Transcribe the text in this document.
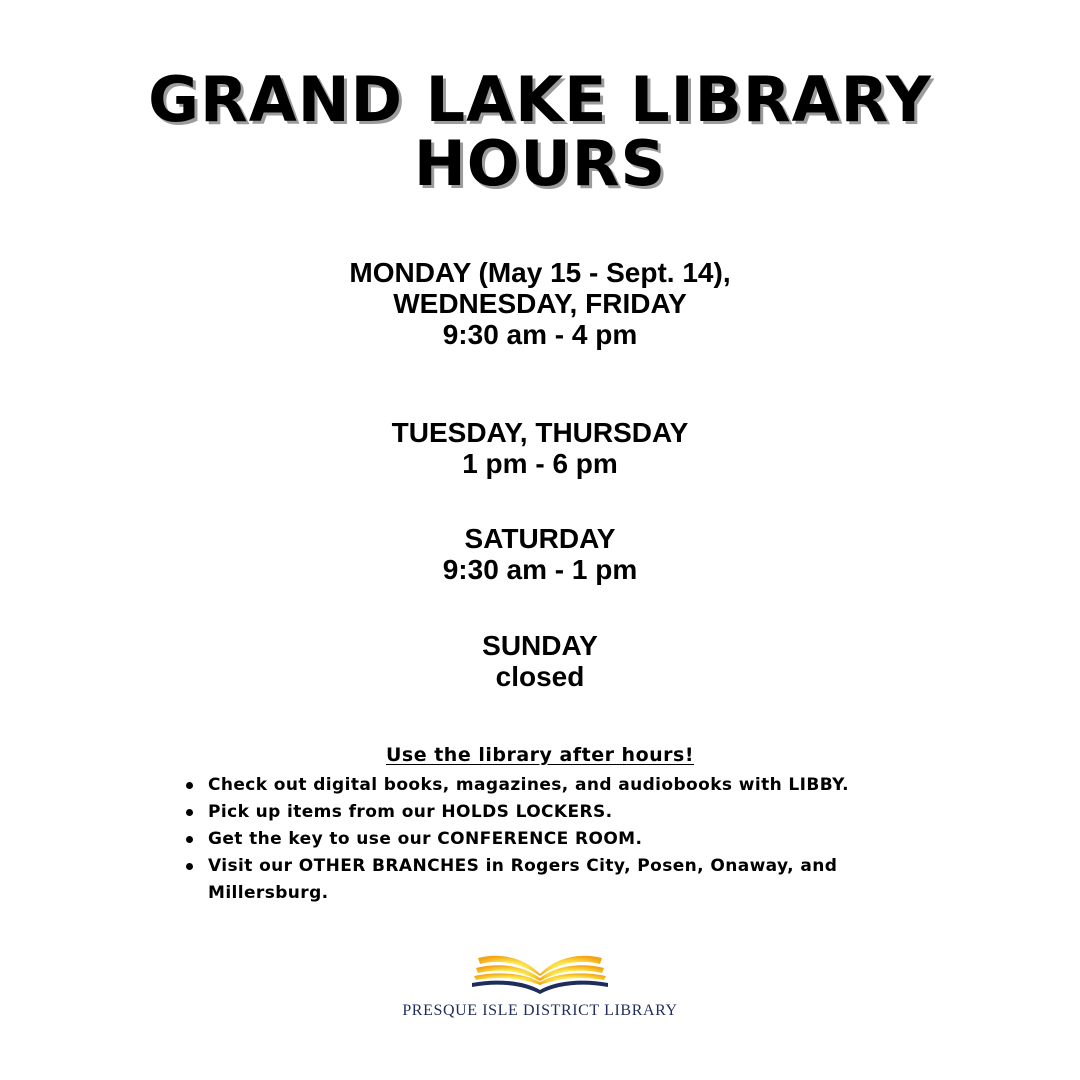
GRAND LAKE LIBRARY
HOURS
MONDAY (May 15 - Sept. 14),
WEDNESDAY, FRIDAY
9:30 am - 4 pm
TUESDAY, THURSDAY
1 pm - 6 pm
SATURDAY
9:30 am - 1 pm
SUNDAY
closed
Use the library after hours!
Check out digital books, magazines, and audiobooks with LIBBY.
Pick up items from our HOLDS LOCKERS.
Get the key to use our CONFERENCE ROOM.
Visit our OTHER BRANCHES in Rogers City, Posen, Onaway, and Millersburg.
PRESQUE ISLE DISTRICT LIBRARY
